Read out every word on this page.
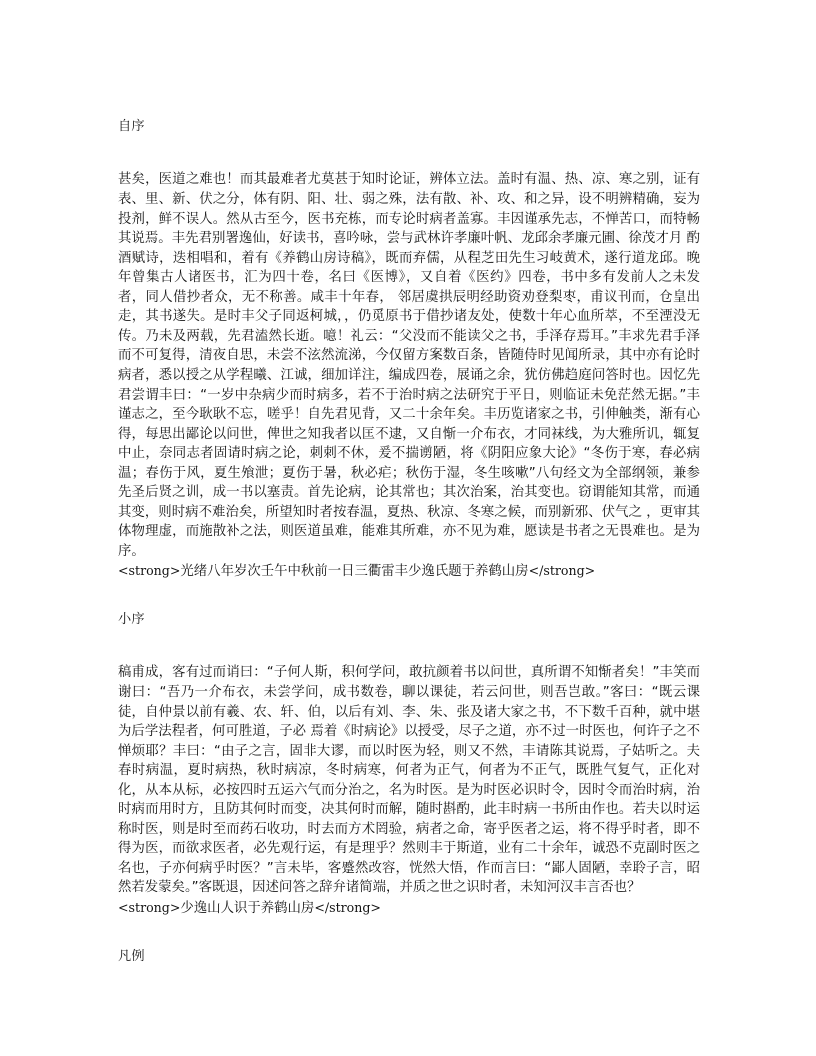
自序

甚矣，医道之难也！而其最难者尤莫甚于知时论证，辨体立法。盖时有温、热、凉、寒之别，证有表、里、新、伏之分，体有阴、阳、壮、弱之殊，法有散、补、攻、和之异，设不明辨精确，妄为投剂，鲜不误人。然从古至今，医书充栋，而专论时病者盖寡。丰因谨承先志，不惮苦口，而特畅其说焉。丰先君别署逸仙，好读书，喜吟咏，尝与武林许孝廉叶帆、龙邱余孝廉元圃、徐茂才月 酌酒赋诗，迭相唱和，着有《养鹤山房诗稿》，既而弃儒，从程芝田先生习岐黄术，遂行道龙邱。晚年曾集古人诸医书，汇为四十卷，名曰《医博》，又自着《医约》四卷，书中多有发前人之未发者，同人借抄者众，无不称善。咸丰十年春， 邻居虞拱辰明经助资劝登梨枣，甫议刊而，仓皇出走，其书遂失。是时丰父子同返柯城，，仍觅原书于借抄诸友处，使数十年心血所萃，不至湮没无传。乃未及两载，先君溘然长逝。噫！礼云：“父没而不能读父之书，手泽存焉耳。”丰求先君手泽而不可复得，清夜自思，未尝不泫然流涕，今仅留方案数百条，皆随侍时见闻所录，其中亦有论时病者，悉以授之从学程曦、江诚，细加详注，编成四卷，展诵之余，犹仿佛趋庭问答时也。因忆先君尝谓丰曰：“一岁中杂病少而时病多，若不于治时病之法研究于平日，则临证未免茫然无据。”丰谨志之，至今耿耿不忘，嗟乎！自先君见背，又二十余年矣。丰历览诸家之书，引伸触类，渐有心得，每思出鄙论以问世，俾世之知我者以匡不逮，又自惭一介布衣，才同袜线，为大雅所讥，辄复中止，奈同志者固请时病之论，刺刺不休，爰不揣谫陋，将《阴阳应象大论》“冬伤于寒，春必病温；春伤于风，夏生飧泄；夏伤于暑，秋必疟；秋伤于湿，冬生咳嗽”八句经文为全部纲领，兼参先圣后贤之训，成一书以塞责。首先论病，论其常也；其次治案，治其变也。窃谓能知其常，而通其变，则时病不难治矣，所望知时者按春温，夏热、秋凉、冬寒之候，而别新邪、伏气之 ，更审其体物理虚，而施散补之法，则医道虽难，能难其所难，亦不见为难，愿读是书者之无畏难也。是为序。

<strong>光绪八年岁次壬午中秋前一日三衢雷丰少逸氏题于养鹤山房</strong>

小序

稿甫成，客有过而诮曰：“子何人斯，积何学问，敢抗颜着书以问世，真所谓不知惭者矣！”丰笑而谢曰：“吾乃一介布衣，未尝学问，成书数卷，聊以课徒，若云问世，则吾岂敢。”客曰：“既云课徒，自仲景以前有羲、农、轩、伯，以后有刘、李、朱、张及诸大家之书，不下数千百种，就中堪为后学法程者，何可胜道，子必 焉着《时病论》以授受，尽子之道，亦不过一时医也，何许子之不惮烦耶？丰曰：“由子之言，固非大谬，而以时医为轻，则又不然，丰请陈其说焉，子姑听之。夫春时病温，夏时病热，秋时病凉，冬时病寒，何者为正气，何者为不正气，既胜气复气，正化对化，从本从标，必按四时五运六气而分治之，名为时医。是为时医必识时令，因时令而治时病，治时病而用时方，且防其何时而变，决其何时而解，随时斟酌，此丰时病一书所由作也。若夫以时运称时医，则是时至而药石收功，时去而方术罔验，病者之命，寄乎医者之运，将不得乎时者，即不得为医，而欲求医者，必先观行运，有是理乎？然则丰于斯道，业有二十余年，诚恐不克副时医之名也，子亦何病乎时医？”言未毕，客蹙然改容，恍然大悟，作而言曰：“鄙人固陋，幸聆子言，昭然若发蒙矣。”客既退，因述问答之辞弁诸简端，并质之世之识时者，未知河汉丰言否也？

<strong>少逸山人识于养鹤山房</strong>

凡例
